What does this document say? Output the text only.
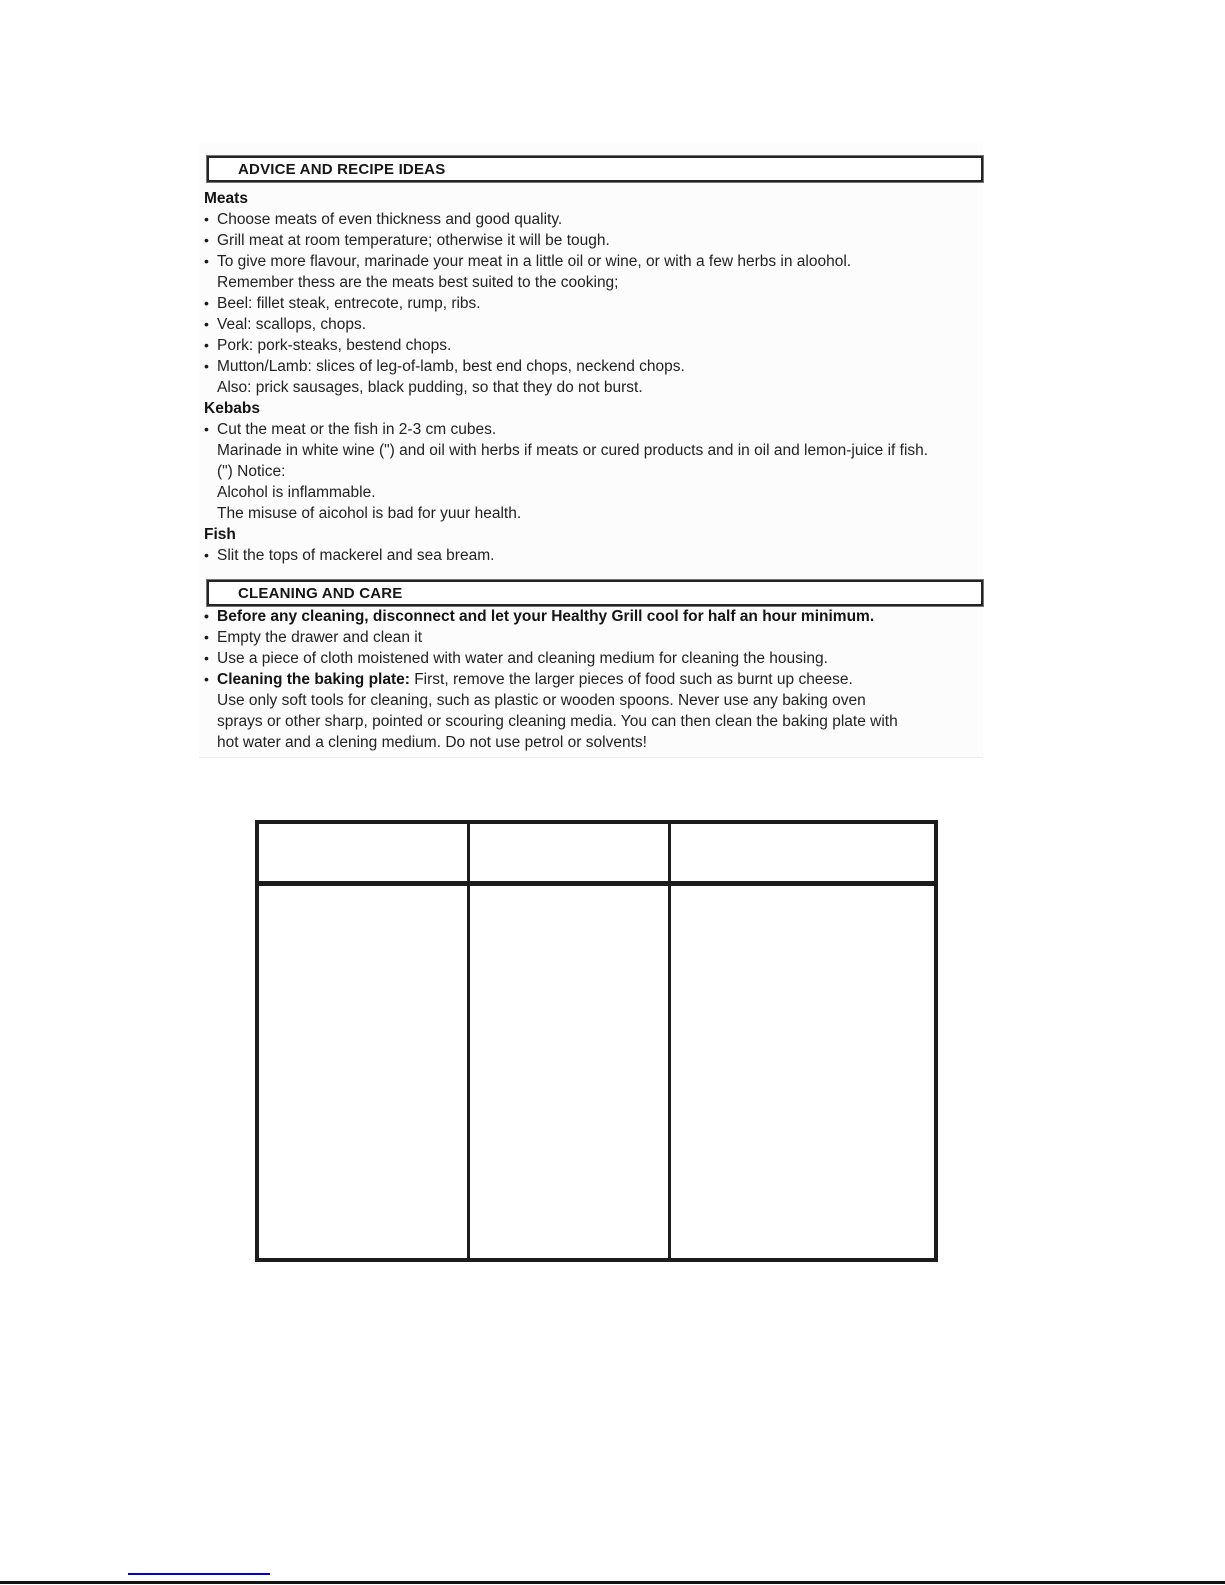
ADVICE AND RECIPE IDEAS
Meats
• Choose meats of even thickness and good quality.
• Grill meat at room temperature; otherwise it will be tough.
• To give more flavour, marinade your meat in a little oil or wine, or with a few herbs in aloohol.
Remember thess are the meats best suited to the cooking;
• Beel: fillet steak, entrecote, rump, ribs.
• Veal: scallops, chops.
• Pork: pork-steaks, bestend chops.
• Mutton/Lamb: slices of leg-of-lamb, best end chops, neckend chops.
Also: prick sausages, black pudding, so that they do not burst.
Kebabs
• Cut the meat or the fish in 2-3 cm cubes.
Marinade in white wine (") and oil with herbs if meats or cured products and in oil and lemon-juice if fish.
(") Notice:
Alcohol is inflammable.
The misuse of aicohol is bad for yuur health.
Fish
• Slit the tops of mackerel and sea bream.
CLEANING AND CARE
• Before any cleaning, disconnect and let your Healthy Grill cool for half an hour minimum.
• Empty the drawer and clean it
• Use a piece of cloth moistened with water and cleaning medium for cleaning the housing.
• Cleaning the baking plate: First, remove the larger pieces of food such as burnt up cheese.
Use only soft tools for cleaning, such as plastic or wooden spoons. Never use any baking oven
sprays or other sharp, pointed or scouring cleaning media. You can then clean the baking plate with
hot water and a clening medium. Do not use petrol or solvents!
